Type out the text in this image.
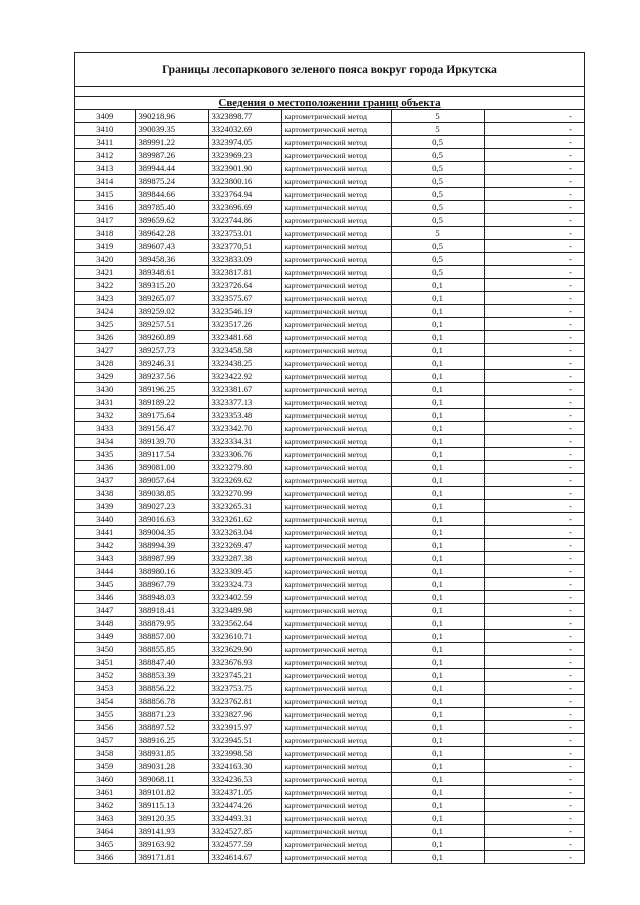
Границы лесопаркового зеленого пояса вокруг города Иркутска
Сведения о местоположении границ объекта
3409	390218.96	3323898.77	картометрический метод	5	-
3410	390039.35	3324032.69	картометрический метод	5	-
3411	389991.22	3323974.05	картометрический метод	0,5	-
3412	389987.26	3323969.23	картометрический метод	0,5	-
3413	389944.44	3323901.90	картометрический метод	0,5	-
3414	389875.24	3323800.16	картометрический метод	0,5	-
3415	389844.66	3323764.94	картометрический метод	0,5	-
3416	389785.40	3323696.69	картометрический метод	0,5	-
3417	389659.62	3323744.86	картометрический метод	0,5	-
3418	389642.28	3323753.01	картометрический метод	5	-
3419	389607.43	3323770,51	картометрический метод	0,5	-
3420	389458.36	3323833.09	картометрический метод	0,5	-
3421	389348.61	3323817.81	картометрический метод	0,5	-
3422	389315.20	3323726.64	картометрический метод	0,1	-
3423	389265.07	3323575.67	картометрический метод	0,1	-
3424	389259.02	3323546.19	картометрический метод	0,1	-
3425	389257.51	3323517.26	картометрический метод	0,1	-
3426	389260.89	3323481.68	картометрический метод	0,1	-
3427	389257.73	3323458.58	картометрический метод	0,1	-
3428	389246.31	3323438.25	картометрический метод	0,1	-
3429	389237.56	3323422.92	картометрический метод	0,1	-
3430	389196.25	3323381.67	картометрический метод	0,1	-
3431	389189.22	3323377.13	картометрический метод	0,1	-
3432	389175.64	3323353.48	картометрический метод	0,1	-
3433	389156.47	3323342.70	картометрический метод	0,1	-
3434	389139.70	3323334.31	картометрический метод	0,1	-
3435	389117.54	3323306.76	картометрический метод	0,1	-
3436	389081.00	3323279.80	картометрический метод	0,1	-
3437	389057.64	3323269.62	картометрический метод	0,1	-
3438	389038.85	3323270.99	картометрический метод	0,1	-
3439	389027.23	3323265.31	картометрический метод	0,1	-
3440	389016.63	3323261.62	картометрический метод	0,1	-
3441	389004.35	3323263.04	картометрический метод	0,1	-
3442	388994.39	3323269.47	картометрический метод	0,1	-
3443	388987.99	3323287.38	картометрический метод	0,1	-
3444	388980.16	3323309.45	картометрический метод	0,1	-
3445	388967.79	3323324.73	картометрический метод	0,1	-
3446	388948.03	3323402.59	картометрический метод	0,1	-
3447	388918.41	3323489.98	картометрический метод	0,1	-
3448	388879.95	3323562.64	картометрический метод	0,1	-
3449	388857.00	3323610.71	картометрический метод	0,1	-
3450	388855.85	3323629.90	картометрический метод	0,1	-
3451	388847.40	3323676.93	картометрический метод	0,1	-
3452	388853.39	3323745.21	картометрический метод	0,1	-
3453	388856.22	3323753.75	картометрический метод	0,1	-
3454	388856.78	3323762.81	картометрический метод	0,1	-
3455	388871.23	3323827.96	картометрический метод	0,1	-
3456	388897.52	3323915.97	картометрический метод	0,1	-
3457	388916.25	3323945.51	картометрический метод	0,1	-
3458	388931.85	3323998.58	картометрический метод	0,1	-
3459	389031.28	3324163.30	картометрический метод	0,1	-
3460	389068.11	3324236.53	картометрический метод	0,1	-
3461	389101.82	3324371.05	картометрический метод	0,1	-
3462	389115.13	3324474.26	картометрический метод	0,1	-
3463	389120.35	3324493.31	картометрический метод	0,1	-
3464	389141.93	3324527.85	картометрический метод	0,1	-
3465	389163.92	3324577.59	картометрический метод	0,1	-
3466	389171.81	3324614.67	картометрический метод	0,1	-
